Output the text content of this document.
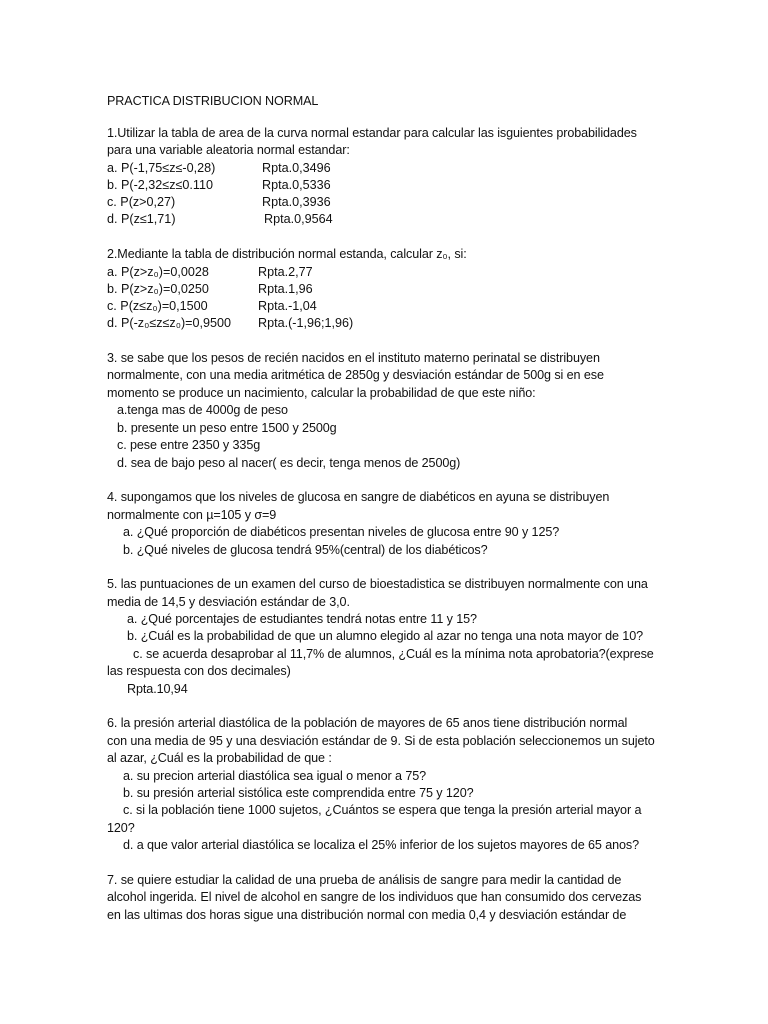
PRACTICA DISTRIBUCION NORMAL
1.Utilizar la tabla de area de la curva normal estandar para calcular las isguientes probabilidades
para una variable aleatoria normal estandar:
a. P(-1,75≤z≤-0,28)	Rpta.0,3496
b. P(-2,32≤z≤0.110	Rpta.0,5336
c. P(z>0,27)	Rpta.0,3936
d. P(z≤1,71)	Rpta.0,9564
2.Mediante la tabla de distribución normal estanda, calcular z₀, si:
a. P(z>z₀)=0,0028	Rpta.2,77
b. P(z>z₀)=0,0250	Rpta.1,96
c. P(z≤z₀)=0,1500	Rpta.-1,04
d. P(-z₀≤z≤z₀)=0,9500 Rpta.(-1,96;1,96)
3. se sabe que los pesos de recién nacidos en el instituto materno perinatal se distribuyen
normalmente, con una media aritmética de 2850g y desviación estándar de 500g si en ese
momento se produce un nacimiento, calcular la probabilidad de que este niño:
a.tenga mas de 4000g de peso
b. presente un peso entre 1500 y 2500g
c. pese entre 2350 y 335g
d. sea de bajo peso al nacer( es decir, tenga menos de 2500g)
4. supongamos que los niveles de glucosa en sangre de diabéticos en ayuna se distribuyen
normalmente con µ=105 y σ=9
a. ¿Qué proporción de diabéticos presentan niveles de glucosa entre 90 y 125?
b. ¿Qué niveles de glucosa tendrá 95%(central) de los diabéticos?
5. las puntuaciones de un examen del curso de bioestadistica se distribuyen normalmente con una
media de 14,5 y desviación estándar de 3,0.
a. ¿Qué porcentajes de estudiantes tendrá notas entre 11 y 15?
b. ¿Cuál es la probabilidad de que un alumno elegido al azar no tenga una nota mayor de 10?
c. se acuerda desaprobar al 11,7% de alumnos, ¿Cuál es la mínima nota aprobatoria?(exprese
las respuesta con dos decimales)
Rpta.10,94
6. la presión arterial diastólica de la población de mayores de 65 anos tiene distribución normal
con una media de 95 y una desviación estándar de 9. Si de esta población seleccionemos un sujeto
al azar, ¿Cuál es la probabilidad de que :
a. su precion arterial diastólica sea igual o menor a 75?
b. su presión arterial sistólica este comprendida entre 75 y 120?
c. si la población tiene 1000 sujetos, ¿Cuántos se espera que tenga la presión arterial mayor a
120?
d. a que valor arterial diastólica se localiza el 25% inferior de los sujetos mayores de 65 anos?
7. se quiere estudiar la calidad de una prueba de análisis de sangre para medir la cantidad de
alcohol ingerida. El nivel de alcohol en sangre de los individuos que han consumido dos cervezas
en las ultimas dos horas sigue una distribución normal con media 0,4 y desviación estándar de
